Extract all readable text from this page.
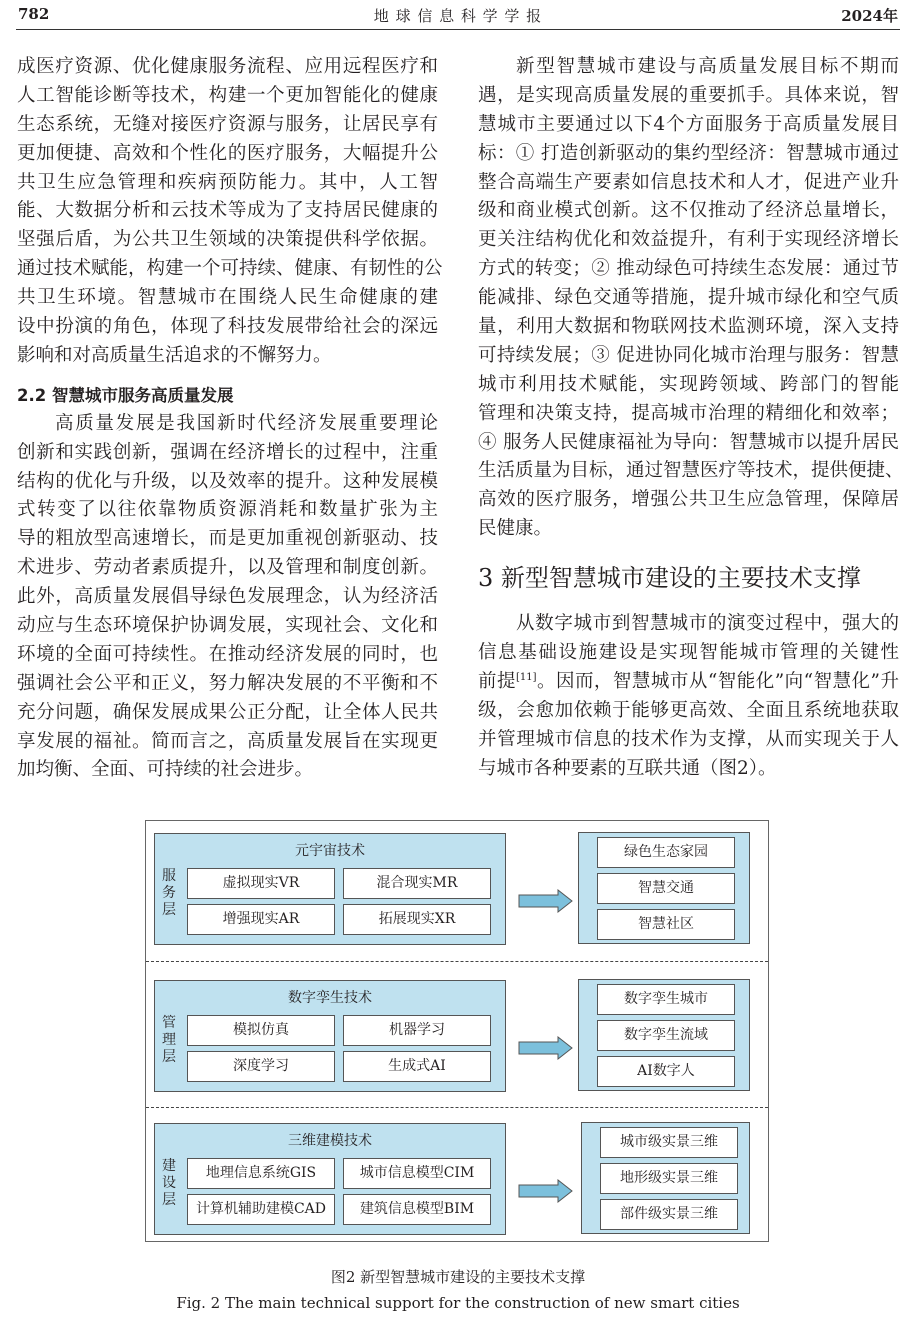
782	地 球 信 息 科 学 学 报	2024年
成医疗资源、优化健康服务流程、应用远程医疗和
人工智能诊断等技术，构建一个更加智能化的健康
生态系统，无缝对接医疗资源与服务，让居民享有
更加便捷、高效和个性化的医疗服务，大幅提升公
共卫生应急管理和疾病预防能力。其中，人工智
能、大数据分析和云技术等成为了支持居民健康的
坚强后盾，为公共卫生领域的决策提供科学依据。
通过技术赋能，构建一个可持续、健康、有韧性的公
共卫生环境。智慧城市在围绕人民生命健康的建
设中扮演的角色，体现了科技发展带给社会的深远
影响和对高质量生活追求的不懈努力。
2.2 智慧城市服务高质量发展
高质量发展是我国新时代经济发展重要理论
创新和实践创新，强调在经济增长的过程中，注重
结构的优化与升级，以及效率的提升。这种发展模
式转变了以往依靠物质资源消耗和数量扩张为主
导的粗放型高速增长，而是更加重视创新驱动、技
术进步、劳动者素质提升，以及管理和制度创新。
此外，高质量发展倡导绿色发展理念，认为经济活
动应与生态环境保护协调发展，实现社会、文化和
环境的全面可持续性。在推动经济发展的同时，也
强调社会公平和正义，努力解决发展的不平衡和不
充分问题，确保发展成果公正分配，让全体人民共
享发展的福祉。简而言之，高质量发展旨在实现更
加均衡、全面、可持续的社会进步。
新型智慧城市建设与高质量发展目标不期而
遇，是实现高质量发展的重要抓手。具体来说，智
慧城市主要通过以下4个方面服务于高质量发展目
标：① 打造创新驱动的集约型经济：智慧城市通过
整合高端生产要素如信息技术和人才，促进产业升
级和商业模式创新。这不仅推动了经济总量增长，
更关注结构优化和效益提升，有利于实现经济增长
方式的转变；② 推动绿色可持续生态发展：通过节
能减排、绿色交通等措施，提升城市绿化和空气质
量，利用大数据和物联网技术监测环境，深入支持
可持续发展；③ 促进协同化城市治理与服务：智慧
城市利用技术赋能，实现跨领域、跨部门的智能
管理和决策支持，提高城市治理的精细化和效率；
④ 服务人民健康福祉为导向：智慧城市以提升居民
生活质量为目标，通过智慧医疗等技术，提供便捷、
高效的医疗服务，增强公共卫生应急管理，保障居
民健康。
3 新型智慧城市建设的主要技术支撑
从数字城市到智慧城市的演变过程中，强大的
信息基础设施建设是实现智能城市管理的关键性
前提[11]。因而，智慧城市从“智能化”向“智慧化”升
级，会愈加依赖于能够更高效、全面且系统地获取
并管理城市信息的技术作为支撑，从而实现关于人
与城市各种要素的互联共通（图2）。
元宇宙技术
服务层
虚拟现实VR	混合现实MR
增强现实AR	拓展现实XR
绿色生态家园
智慧交通
智慧社区
数字孪生技术
管理层
模拟仿真	机器学习
深度学习	生成式AI
数字孪生城市
数字孪生流域
AI数字人
三维建模技术
建设层
地理信息系统GIS	城市信息模型CIM
计算机辅助建模CAD	建筑信息模型BIM
城市级实景三维
地形级实景三维
部件级实景三维
图2 新型智慧城市建设的主要技术支撑
Fig. 2 The main technical support for the construction of new smart cities
